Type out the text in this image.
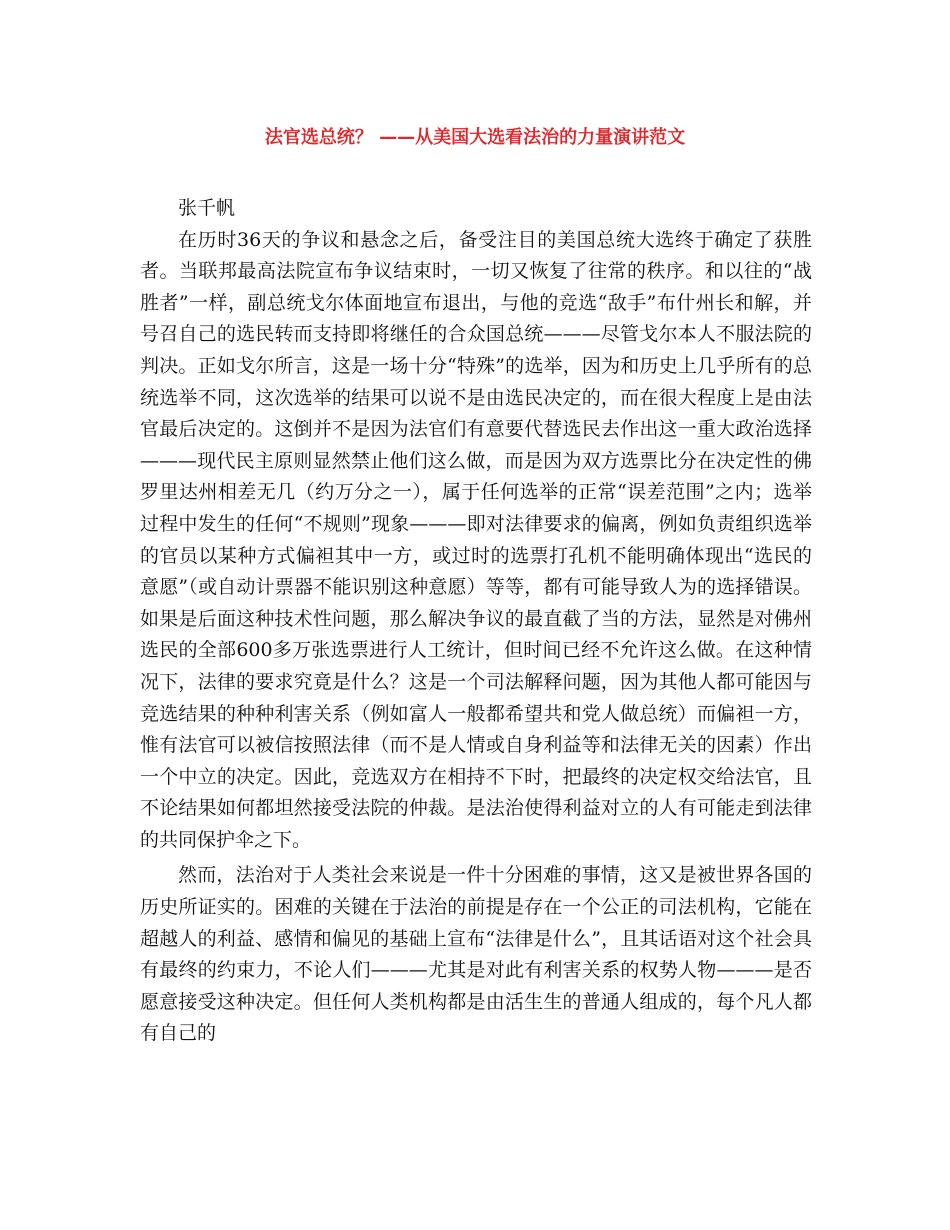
法官选总统？ ——从美国大选看法治的力量演讲范文

张千帆

在历时36天的争议和悬念之后，备受注目的美国总统大选终于确定了获胜者。当联邦最高法院宣布争议结束时，一切又恢复了往常的秩序。和以往的“战胜者”一样，副总统戈尔体面地宣布退出，与他的竞选“敌手”布什州长和解，并号召自己的选民转而支持即将继任的合众国总统———尽管戈尔本人不服法院的判决。正如戈尔所言，这是一场十分“特殊”的选举，因为和历史上几乎所有的总统选举不同，这次选举的结果可以说不是由选民决定的，而在很大程度上是由法官最后决定的。这倒并不是因为法官们有意要代替选民去作出这一重大政治选择———现代民主原则显然禁止他们这么做，而是因为双方选票比分在决定性的佛罗里达州相差无几（约万分之一），属于任何选举的正常“误差范围”之内；选举过程中发生的任何“不规则”现象———即对法律要求的偏离，例如负责组织选举的官员以某种方式偏袒其中一方，或过时的选票打孔机不能明确体现出“选民的意愿”（或自动计票器不能识别这种意愿）等等，都有可能导致人为的选择错误。如果是后面这种技术性问题，那么解决争议的最直截了当的方法，显然是对佛州选民的全部600多万张选票进行人工统计，但时间已经不允许这么做。在这种情况下，法律的要求究竟是什么？这是一个司法解释问题，因为其他人都可能因与竞选结果的种种利害关系（例如富人一般都希望共和党人做总统）而偏袒一方，惟有法官可以被信按照法律（而不是人情或自身利益等和法律无关的因素）作出一个中立的决定。因此，竞选双方在相持不下时，把最终的决定权交给法官，且不论结果如何都坦然接受法院的仲裁。是法治使得利益对立的人有可能走到法律的共同保护伞之下。

然而，法治对于人类社会来说是一件十分困难的事情，这又是被世界各国的历史所证实的。困难的关键在于法治的前提是存在一个公正的司法机构，它能在超越人的利益、感情和偏见的基础上宣布“法律是什么”，且其话语对这个社会具有最终的约束力，不论人们———尤其是对此有利害关系的权势人物———是否愿意接受这种决定。但任何人类机构都是由活生生的普通人组成的，每个凡人都有自己的
